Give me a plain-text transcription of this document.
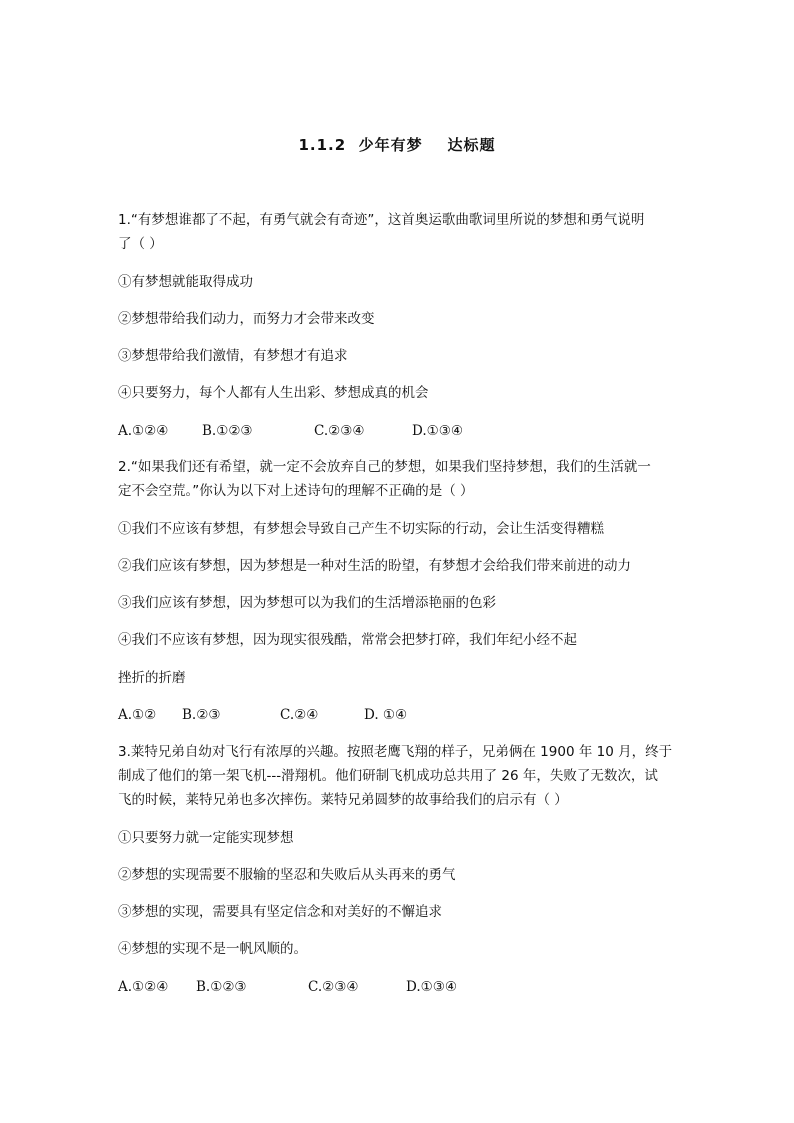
1.1.2  少年有梦    达标题
1.“有梦想谁都了不起，有勇气就会有奇迹”，这首奥运歌曲歌词里所说的梦想和勇气说明
了（ ）
①有梦想就能取得成功
②梦想带给我们动力，而努力才会带来改变
③梦想带给我们激情，有梦想才有追求
④只要努力，每个人都有人生出彩、梦想成真的机会
A.①②④ B.①②③	C.②③④	D.①③④
2.“如果我们还有希望，就一定不会放弃自己的梦想，如果我们坚持梦想，我们的生活就一
定不会空荒。”你认为以下对上述诗句的理解不正确的是（ ）
①我们不应该有梦想，有梦想会导致自己产生不切实际的行动，会让生活变得糟糕
②我们应该有梦想，因为梦想是一种对生活的盼望，有梦想才会给我们带来前进的动力
③我们应该有梦想，因为梦想可以为我们的生活增添艳丽的色彩
④我们不应该有梦想，因为现实很残酷，常常会把梦打碎，我们年纪小经不起
挫折的折磨
A.①② B.②③	C.②④	D. ①④
3.莱特兄弟自幼对飞行有浓厚的兴趣。按照老鹰飞翔的样子，兄弟俩在 1900 年 10 月，终于
制成了他们的第一架飞机---滑翔机。他们研制飞机成功总共用了 26 年，失败了无数次，试
飞的时候，莱特兄弟也多次摔伤。莱特兄弟圆梦的故事给我们的启示有（ ）
①只要努力就一定能实现梦想
②梦想的实现需要不服输的坚忍和失败后从头再来的勇气
③梦想的实现，需要具有坚定信念和对美好的不懈追求
④梦想的实现不是一帆风顺的。
A.①②④ B.①②③	C.②③④	D.①③④
